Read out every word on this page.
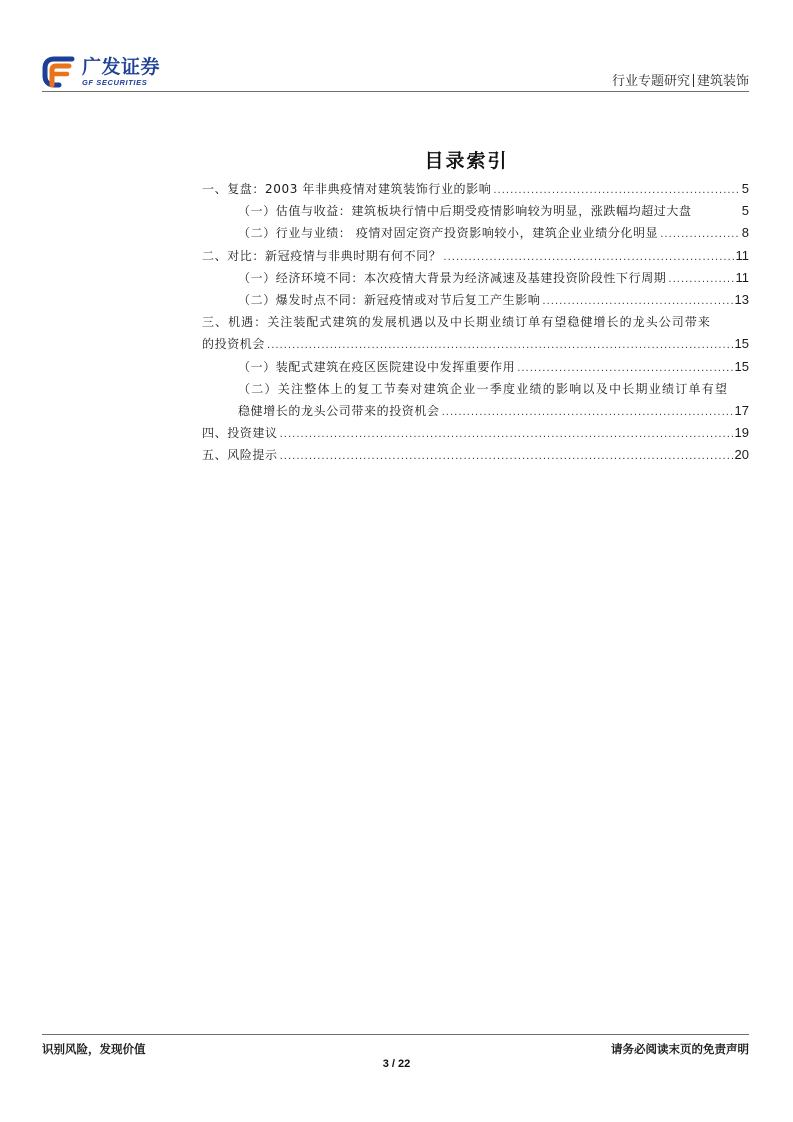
广发证券
GF SECURITIES	行业专题研究 建筑装饰
目录索引
一、复盘：2003 年非典疫情对建筑装饰行业的影响 .....	5
（一）估值与收益：建筑板块行情中后期受疫情影响较为明显，涨跌幅均超过大盘	5
（二）行业与业绩： 疫情对固定资产投资影响较小，建筑企业业绩分化明显 .....	8
二、对比：新冠疫情与非典时期有何不同？ .....	11
（一）经济环境不同：本次疫情大背景为经济减速及基建投资阶段性下行周期 .....	11
（二）爆发时点不同：新冠疫情或对节后复工产生影响 .....	13
三、机遇：关注装配式建筑的发展机遇以及中长期业绩订单有望稳健增长的龙头公司带来
的投资机会 .....	15
（一）装配式建筑在疫区医院建设中发挥重要作用 .....	15
（二）关注整体上的复工节奏对建筑企业一季度业绩的影响以及中长期业绩订单有望
稳健增长的龙头公司带来的投资机会 .....	17
四、投资建议 .....	19
五、风险提示 .....	20
识别风险，发现价值	请务必阅读末页的免责声明
3 / 22
